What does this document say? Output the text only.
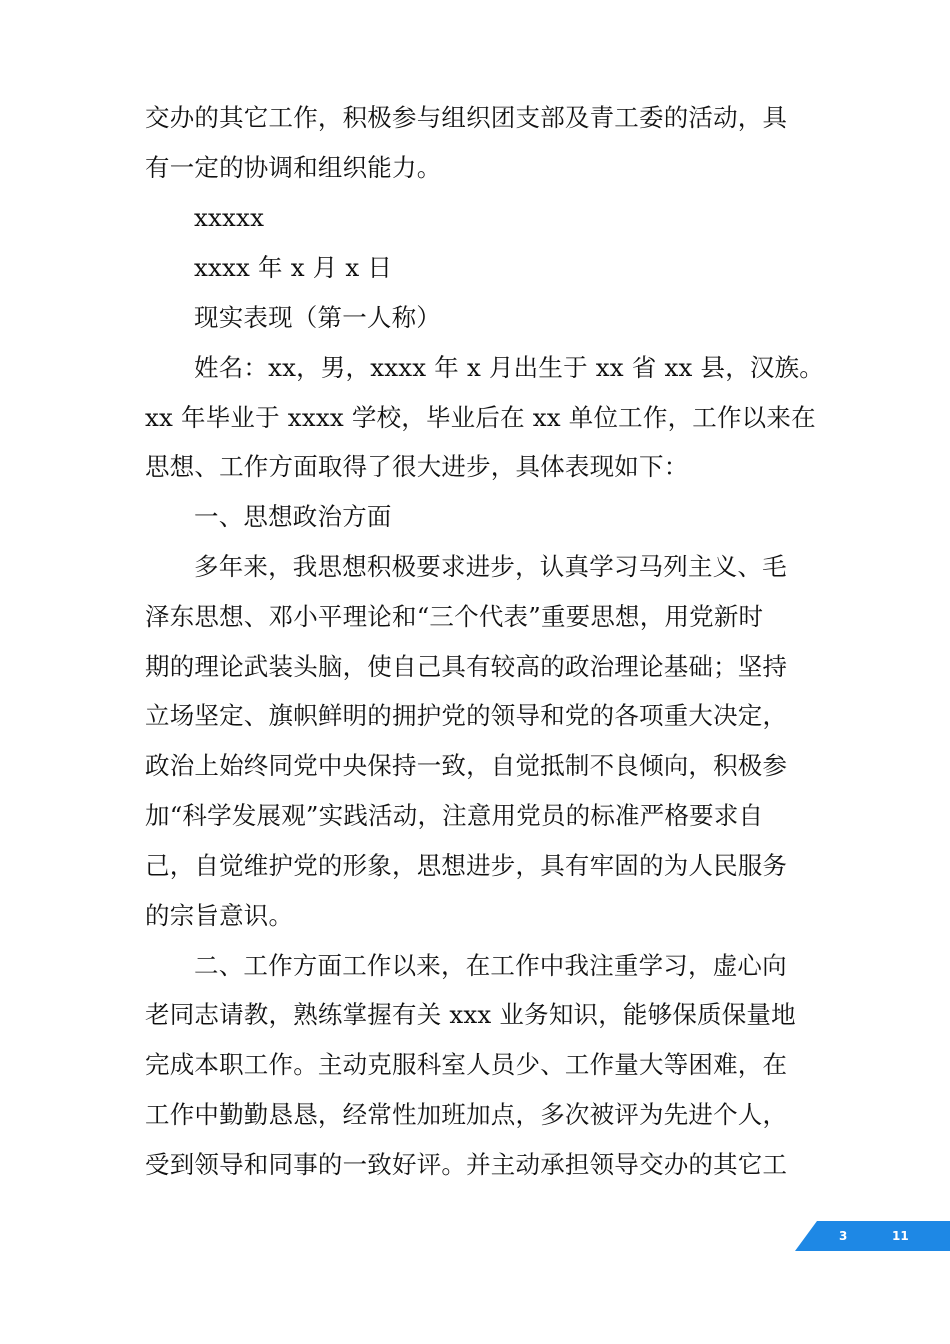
交办的其它工作，积极参与组织团支部及青工委的活动，具
有一定的协调和组织能力。
xxxxx
xxxx 年 x 月 x 日
现实表现（第一人称）
姓名：xx，男，xxxx 年 x 月出生于 xx 省 xx 县，汉族。
xx 年毕业于 xxxx 学校，毕业后在 xx 单位工作，工作以来在
思想、工作方面取得了很大进步，具体表现如下：
一、思想政治方面
多年来，我思想积极要求进步，认真学习马列主义、毛
泽东思想、邓小平理论和“三个代表”重要思想，用党新时
期的理论武装头脑，使自己具有较高的政治理论基础；坚持
立场坚定、旗帜鲜明的拥护党的领导和党的各项重大决定，
政治上始终同党中央保持一致，自觉抵制不良倾向，积极参
加“科学发展观”实践活动，注意用党员的标准严格要求自
己，自觉维护党的形象，思想进步，具有牢固的为人民服务
的宗旨意识。
二、工作方面工作以来，在工作中我注重学习，虚心向
老同志请教，熟练掌握有关 xxx 业务知识，能够保质保量地
完成本职工作。主动克服科室人员少、工作量大等困难，在
工作中勤勤恳恳，经常性加班加点，多次被评为先进个人，
受到领导和同事的一致好评。并主动承担领导交办的其它工
3	11
